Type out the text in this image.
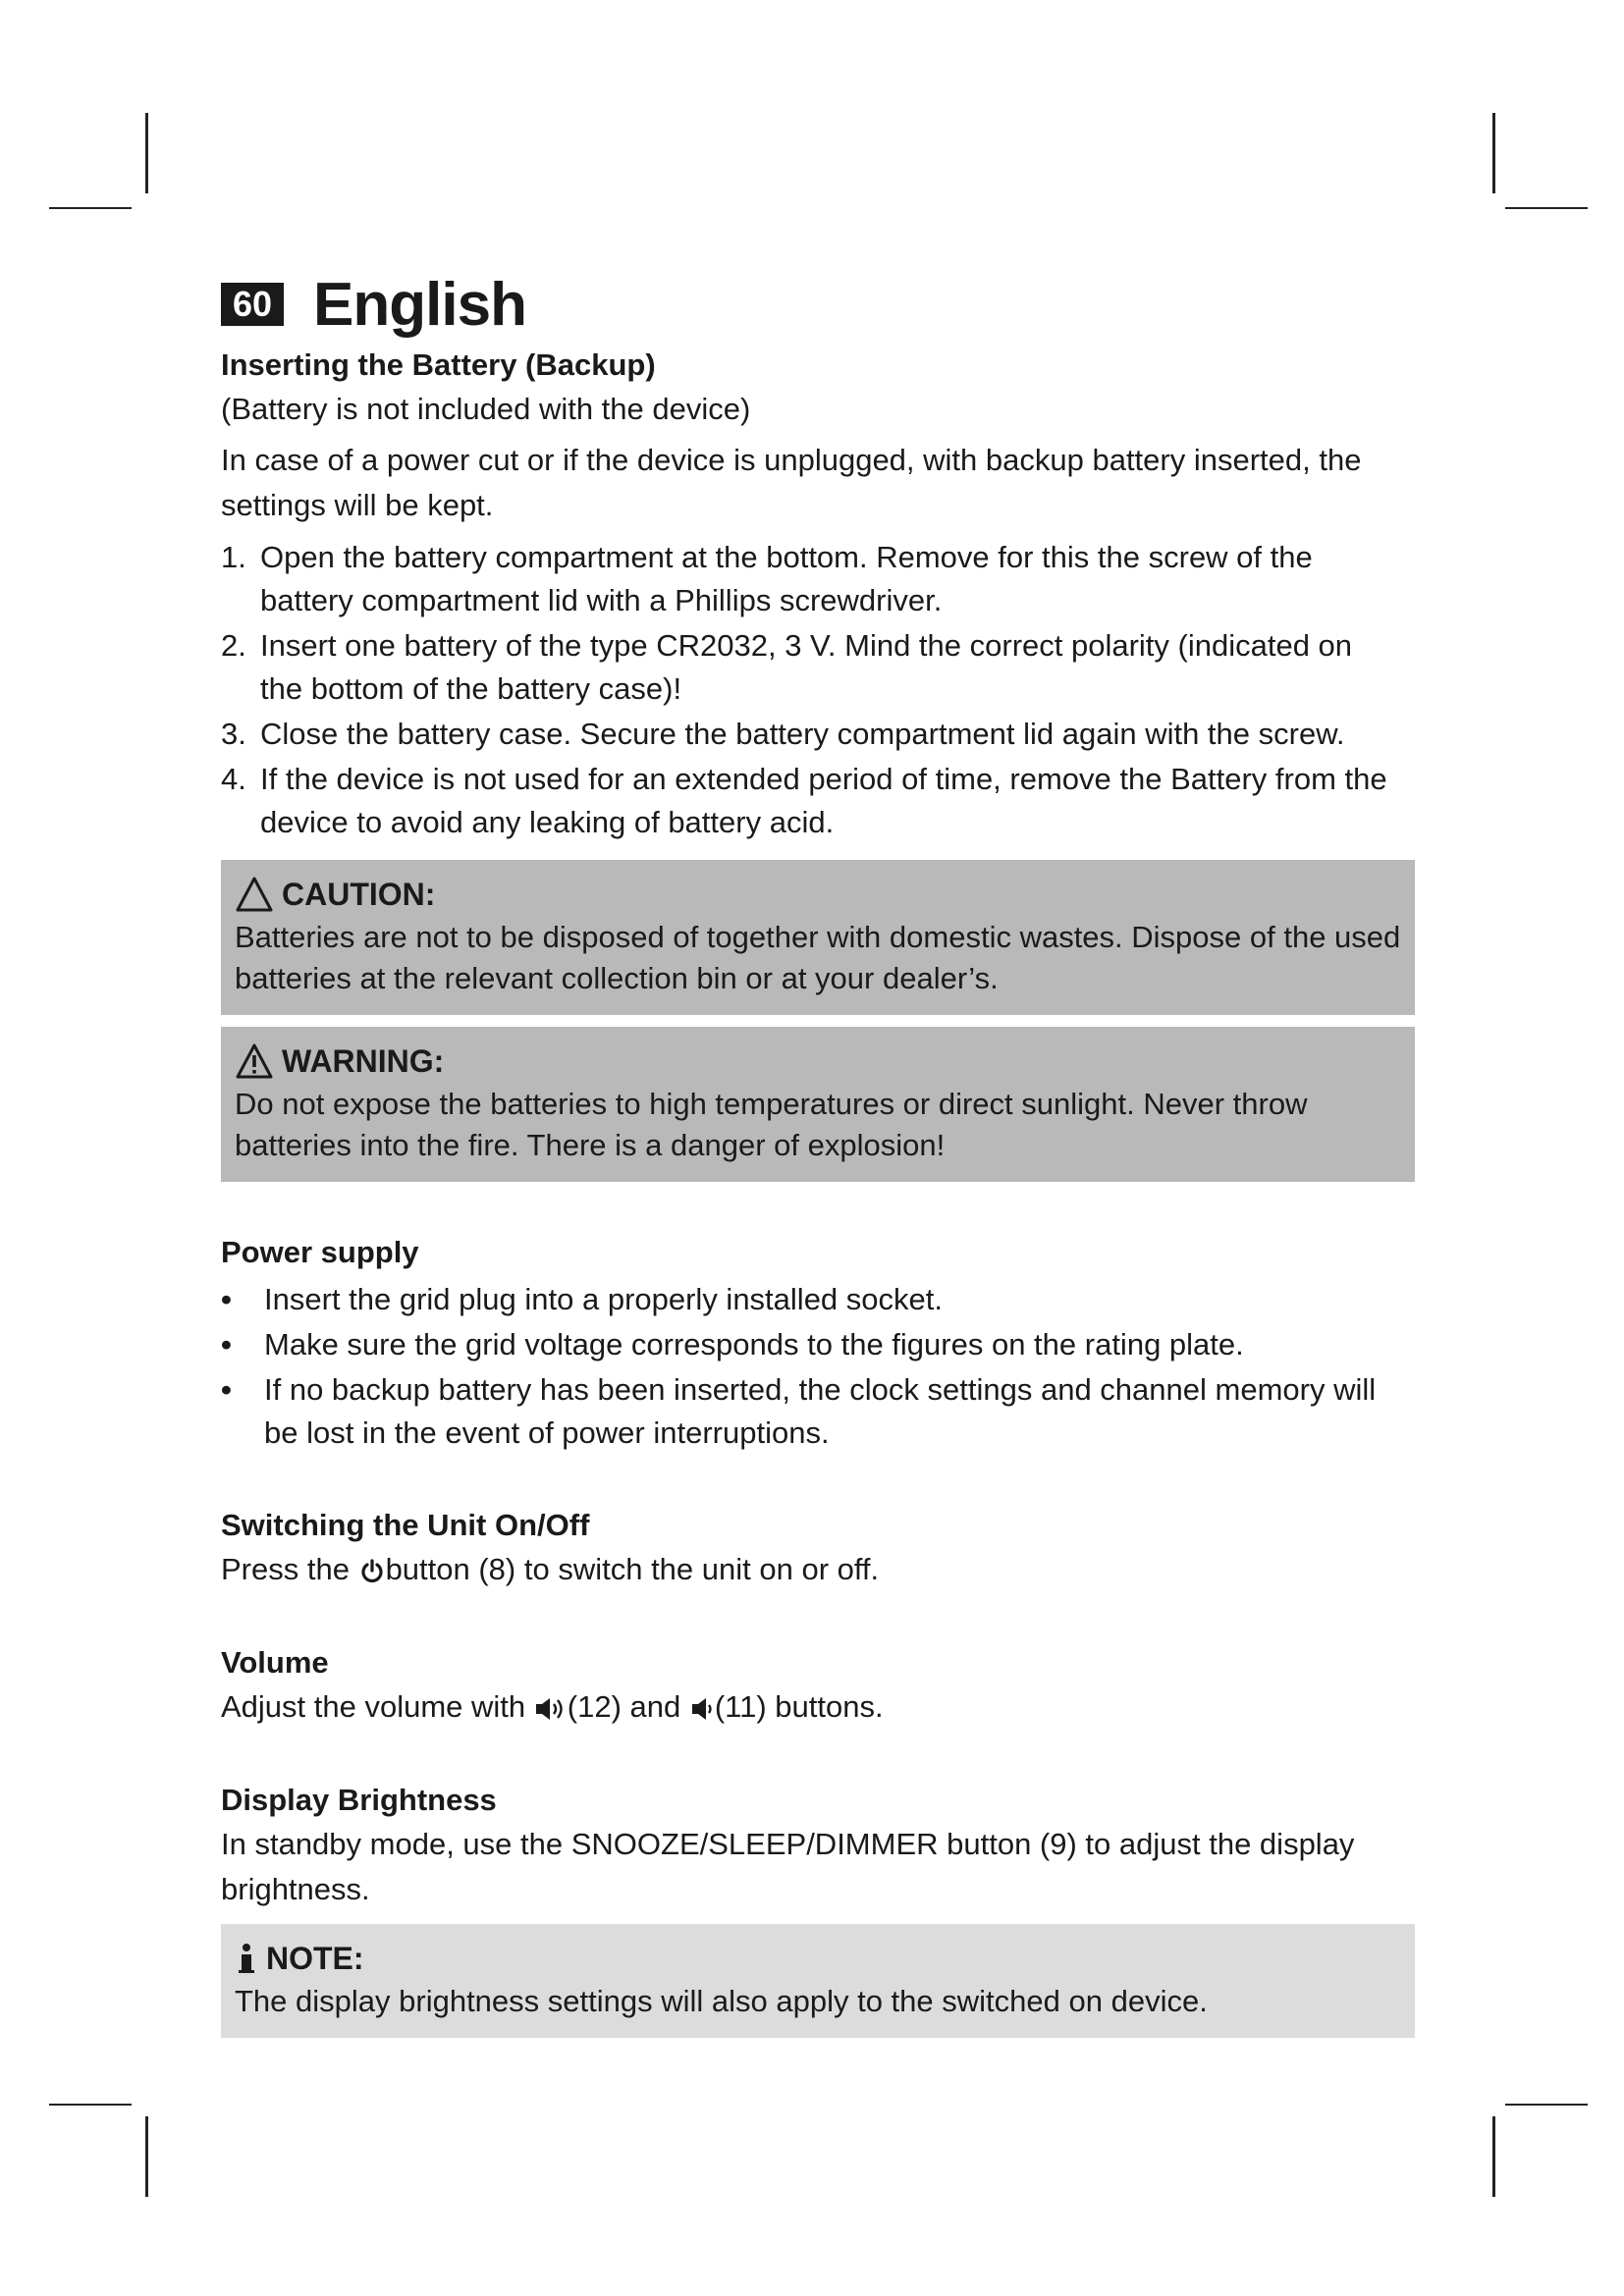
60 English
Inserting the Battery (Backup)

(Battery is not included with the device)

In case of a power cut or if the device is unplugged, with backup battery inserted, the settings will be kept.

1. Open the battery compartment at the bottom. Remove for this the screw of the battery compartment lid with a Phillips screwdriver.
2. Insert one battery of the type CR2032, 3 V. Mind the correct polarity (indicated on the bottom of the battery case)!
3. Close the battery case. Secure the battery compartment lid again with the screw.
4. If the device is not used for an extended period of time, remove the Battery from the device to avoid any leaking of battery acid.
CAUTION:

Batteries are not to be disposed of together with domestic wastes. Dispose of the used batteries at the relevant collection bin or at your dealer’s.

WARNING:

Do not expose the batteries to high temperatures or direct sunlight. Never throw batteries into the fire. There is a danger of explosion!

Power supply
•	Insert the grid plug into a properly installed socket.
•	Make sure the grid voltage corresponds to the figures on the rating plate.
•	If no backup battery has been inserted, the clock settings and channel memory will be lost in the event of power interruptions.
Switching the Unit On/Off

Press the button (8) to switch the unit on or off.

Volume

Adjust the volume with (12) and (11) buttons.

Display Brightness

In standby mode, use the SNOOZE/SLEEP/DIMMER button (9) to adjust the display brightness.

NOTE:

The display brightness settings will also apply to the switched on device.
